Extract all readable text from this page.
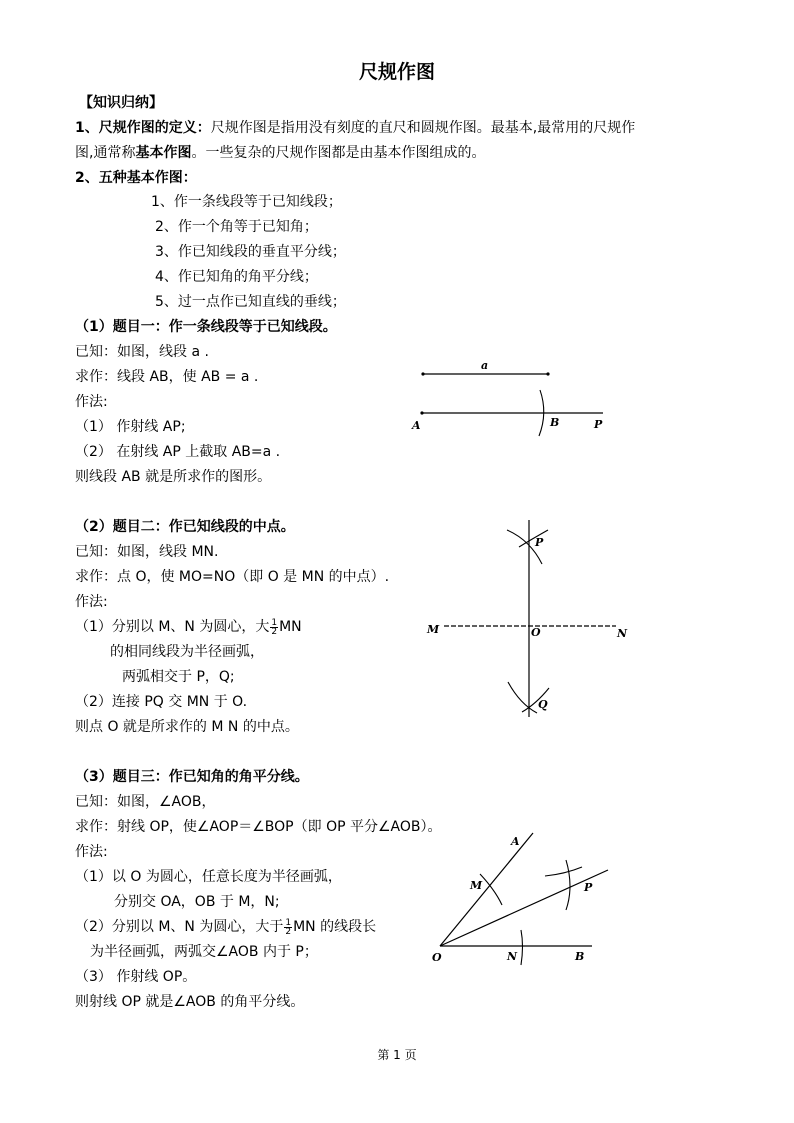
尺规作图
【知识归纳】
1、尺规作图的定义：尺规作图是指用没有刻度的直尺和圆规作图。最基本,最常用的尺规作
图,通常称基本作图。一些复杂的尺规作图都是由基本作图组成的。
2、五种基本作图：
1、作一条线段等于已知线段；
2、作一个角等于已知角；
3、作已知线段的垂直平分线；
4、作已知角的角平分线；
5、过一点作已知直线的垂线；
（1）题目一：作一条线段等于已知线段。
已知：如图，线段 a .
求作：线段 AB，使 AB = a .
作法:
（1） 作射线 AP;
（2） 在射线 AP 上截取 AB=a .
则线段 AB 就是所求作的图形。
a
A	B	P
（2）题目二：作已知线段的中点。
已知：如图，线段 MN.
求作：点 O，使 MO=NO（即 O 是 MN 的中点）.
作法:
（1）分别以 M、N 为圆心，大 $\frac{1}{2}$ MN
的相同线段为半径画弧，
两弧相交于 P，Q;
（2）连接 PQ 交 MN 于 O.
则点 O 就是所求作的 M N 的中点。
P
M	O	N
Q
（3）题目三：作已知角的角平分线。
已知：如图，∠AOB，
求作：射线 OP，使∠AOP＝∠BOP（即 OP 平分∠AOB）。
作法:
（1）以 O 为圆心，任意长度为半径画弧，
分别交 OA，OB 于 M，N;
（2）分别以 M、N 为圆心，大于 $\frac{1}{2}$ MN 的线段长
为半径画弧，两弧交∠AOB 内于 P；
（3） 作射线 OP。
则射线 OP 就是∠AOB 的角平分线。
A
M	P
O	N	B
第 1 页
